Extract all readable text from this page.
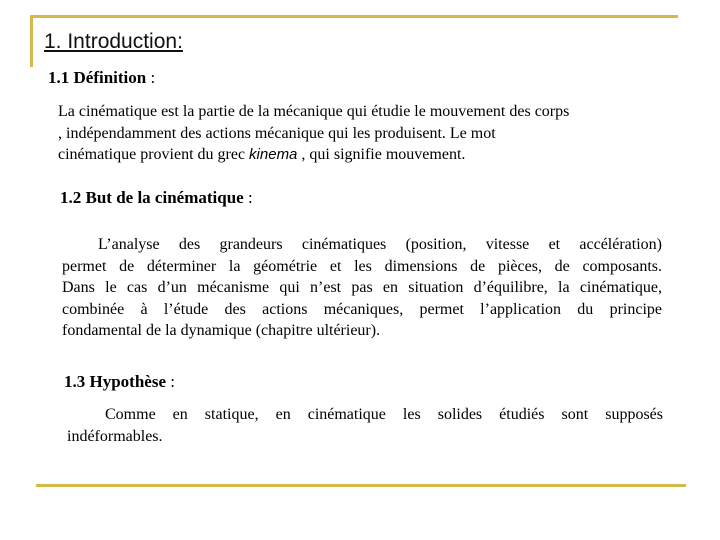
1. Introduction:
1.1 Définition :
La cinématique est la partie de la mécanique qui étudie le mouvement des corps
, indépendamment des actions mécanique qui les produisent. Le mot
cinématique provient du grec kinema , qui signifie mouvement.
1.2 But de la cinématique :
L’analyse des grandeurs cinématiques (position, vitesse et accélération)
permet de déterminer la géométrie et les dimensions de pièces, de composants.
Dans le cas d’un mécanisme qui n’est pas en situation d’équilibre, la cinématique,
combinée à l’étude des actions mécaniques, permet l’application du principe
fondamental de la dynamique (chapitre ultérieur).
1.3 Hypothèse :
Comme en statique, en cinématique les solides étudiés sont supposés
indéformables.
